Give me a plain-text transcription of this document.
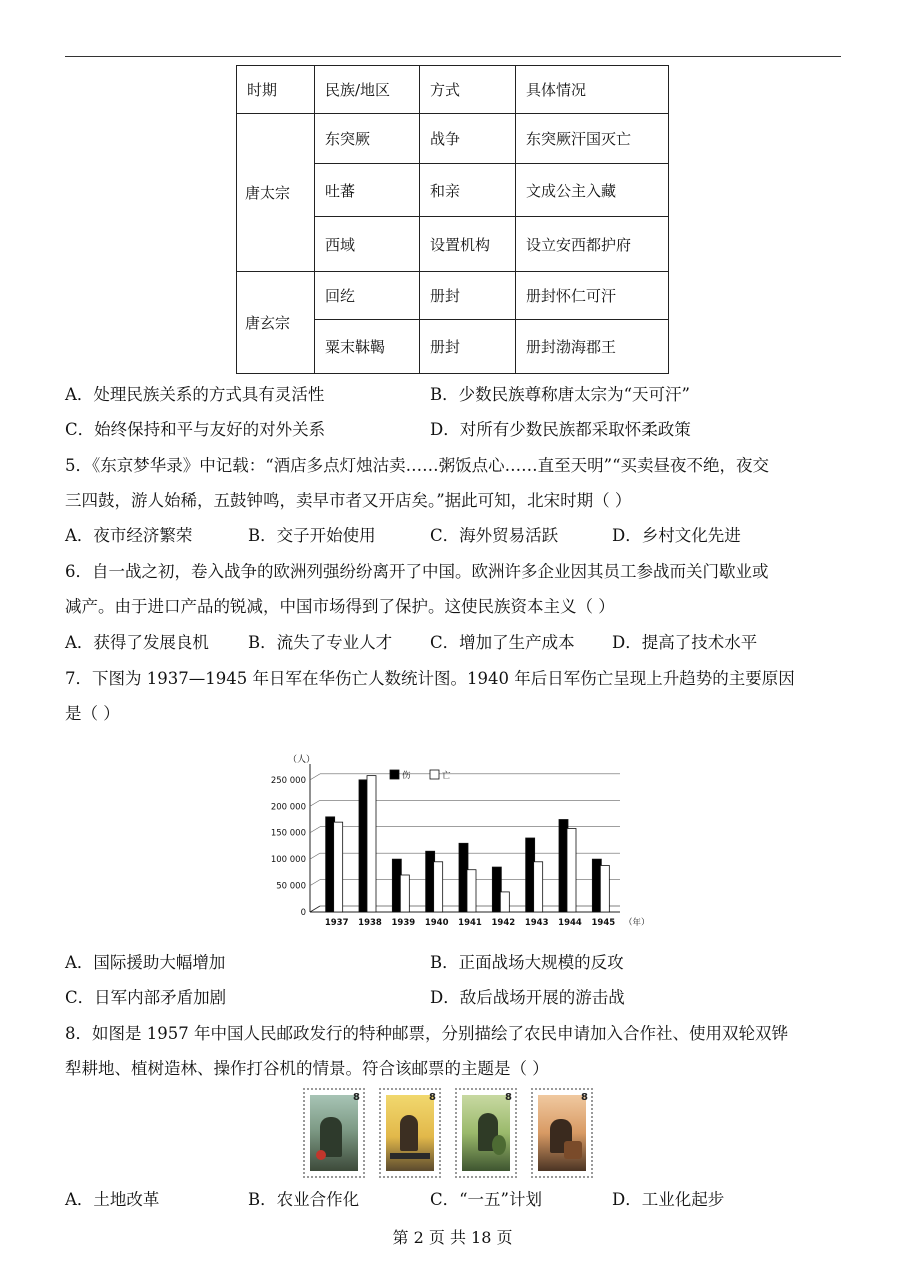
时期	民族/地区	方式	具体情况
唐太宗	东突厥	战争	东突厥汗国灭亡
	吐蕃	和亲	文成公主入藏
	西域	设置机构	设立安西都护府
唐玄宗	回纥	册封	册封怀仁可汗
	粟末靺鞨	册封	册封渤海郡王
A．处理民族关系的方式具有灵活性	B．少数民族尊称唐太宗为“天可汗”
C．始终保持和平与友好的对外关系	D．对所有少数民族都采取怀柔政策
5．《东京梦华录》中记载：“酒店多点灯烛沽卖……粥饭点心……直至天明”“买卖昼夜不绝，夜交
三四鼓，游人始稀，五鼓钟鸣，卖早市者又开店矣。”据此可知，北宋时期（ ）
A．夜市经济繁荣	B．交子开始使用	C．海外贸易活跃	D．乡村文化先进
6．自一战之初，卷入战争的欧洲列强纷纷离开了中国。欧洲许多企业因其员工参战而关门歇业或
减产。由于进口产品的锐减，中国市场得到了保护。这使民族资本主义（ ）
A．获得了发展良机 B．流失了专业人才 C．增加了生产成本 D．提高了技术水平
7．下图为 1937—1945 年日军在华伤亡人数统计图。1940 年后日军伤亡呈现上升趋势的主要原因
是（ ）
0
50 000
100 000
150 000
200 000
250 000
（人）
1937 1938 1939 1940 1941 1942 1943 1944 1945 （年）
伤	亡
A．国际援助大幅增加	B．正面战场大规模的反攻
C．日军内部矛盾加剧	D．敌后战场开展的游击战
8．如图是 1957 年中国人民邮政发行的特种邮票，分别描绘了农民申请加入合作社、使用双轮双铧
犁耕地、植树造林、操作打谷机的情景。符合该邮票的主题是（ ）
8	8	8	8
A．土地改革	B．农业合作化	C．“一五”计划	D．工业化起步
第 2 页 共 18 页
